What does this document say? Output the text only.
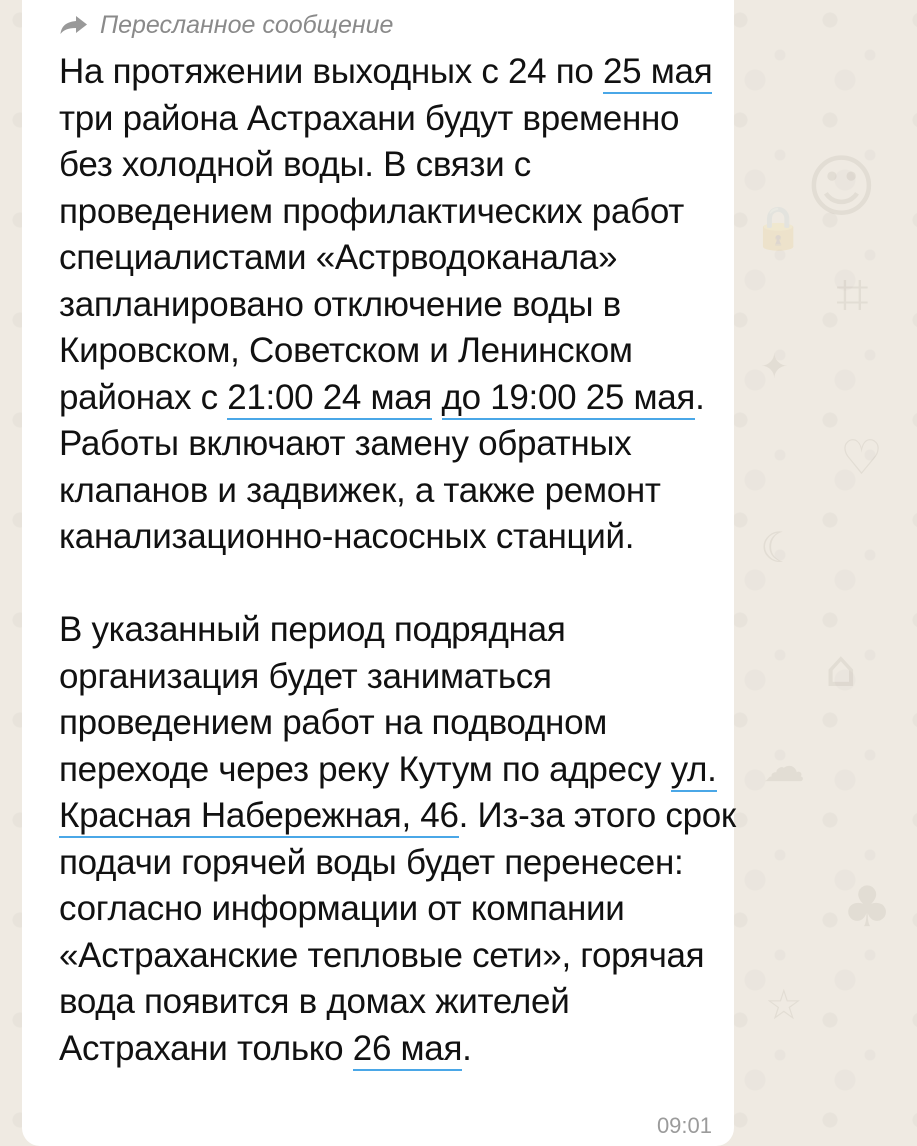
☺
🔒
⌗
✦
♡
☾
⌂
☁
♣
☆
Пересланное сообщение

На протяжении выходных с 24 по 25 мая три района Астрахани будут временно без холодной воды. В связи с проведением профилактических работ специалистами «Астрводоканала» запланировано отключение воды в Кировском, Советском и Ленинском районах с 21:00 24 мая до 19:00 25 мая. Работы включают замену обратных клапанов и задвижек, а также ремонт канализационно-насосных станций.

В указанный период подрядная организация будет заниматься проведением работ на подводном переходе через реку Кутум по адресу ул. Красная Набережная, 46. Из-за этого срок подачи горячей воды будет перенесен: согласно информации от компании «Астраханские тепловые сети», горячая вода появится в домах жителей Астрахани только 26 мая.

09:01
